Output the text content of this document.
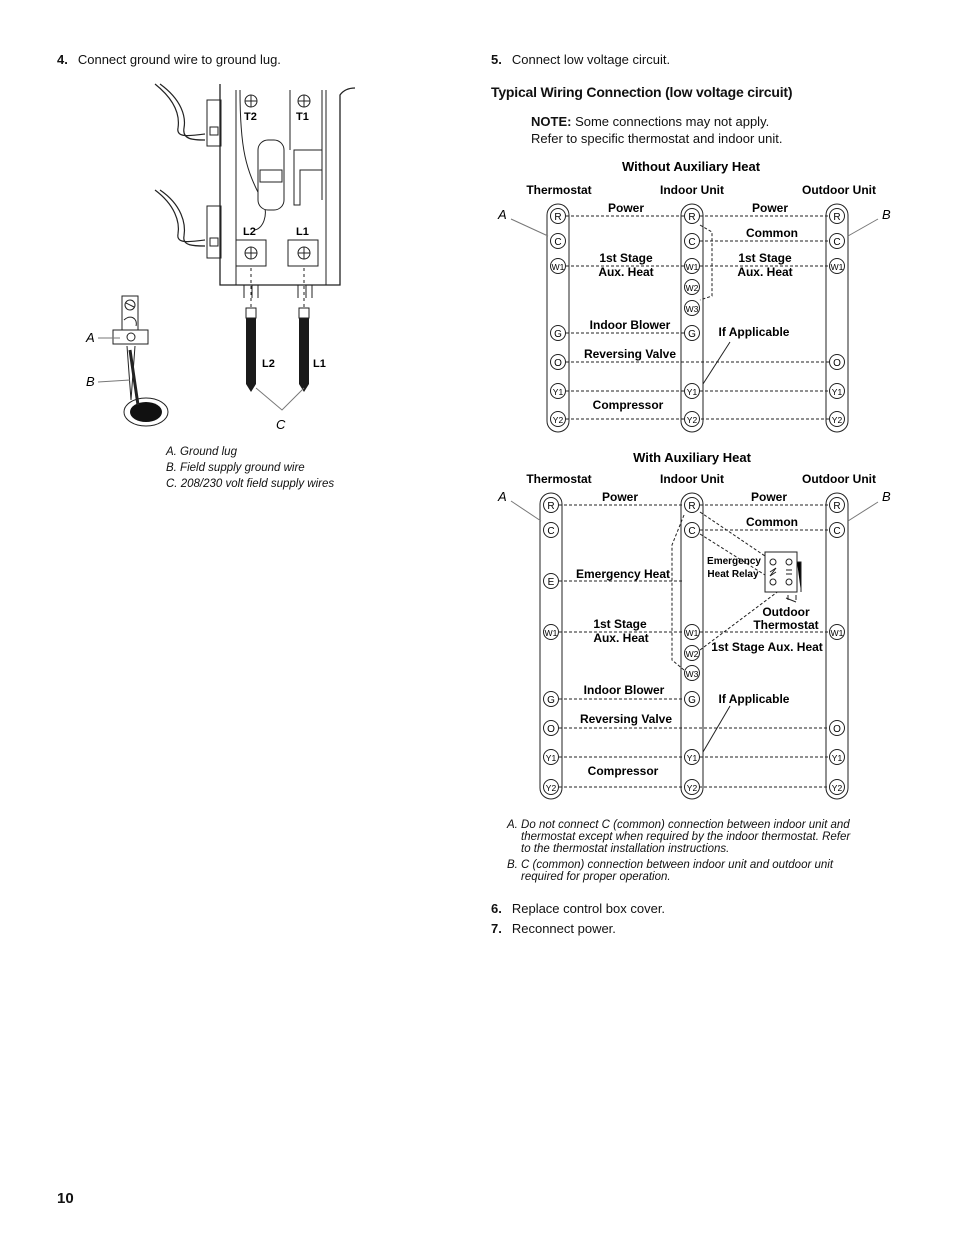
4. Connect ground wire to ground lug.	5. Connect low voltage circuit.
Typical Wiring Connection (low voltage circuit)
NOTE: Some connections may not apply.
Refer to specific thermostat and indoor unit.
T2	T1
L2	L1
L2	L1
C
A
B
A. Ground lug
B. Field supply ground wire
C. 208/230 volt field supply wires
Without Auxiliary Heat
Thermostat	Indoor Unit	Outdoor Unit
A	B
Power	Power
Common
1st Stage
Aux. Heat
1st Stage
Aux. Heat
Indoor Blower
Reversing Valve
Compressor
If Applicable
R
C
W1
G
O
Y1
Y2
R
C
W1
W2
W3
G
Y1
Y2
R
C
W1
O
Y1
Y2
With Auxiliary Heat
Thermostat	Indoor Unit	Outdoor Unit
A	B
Power	Power
Common
Emergency Heat
Emergency
Heat Relay
Outdoor
Thermostat
1st Stage
Aux. Heat
1st Stage Aux. Heat
Indoor Blower
Reversing Valve
Compressor
If Applicable
R
C
E
W1
G
O
Y1
Y2
R
C
W1
W2
W3
G
Y1
Y2
R
C
W1
O
Y1
Y2
A. Do not connect C (common) connection between indoor unit and
thermostat except when required by the indoor thermostat. Refer
to the thermostat installation instructions.
B. C (common) connection between indoor unit and outdoor unit
required for proper operation.
6. Replace control box cover.
7. Reconnect power.
10
